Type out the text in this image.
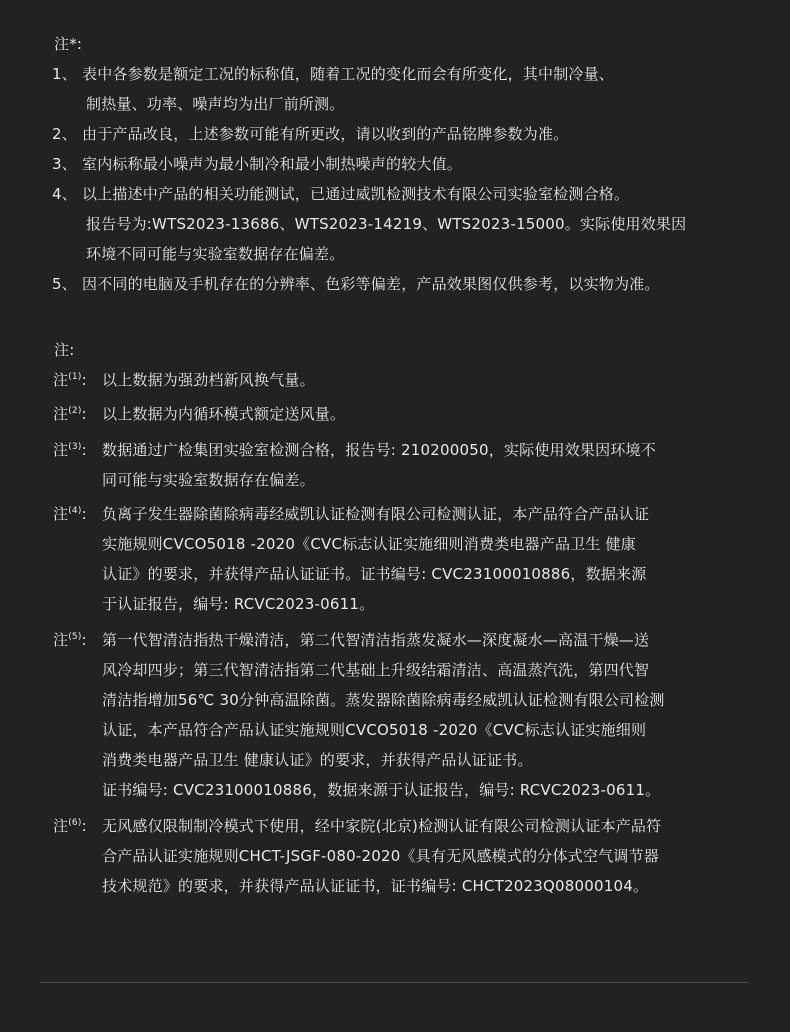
注*:
1、 表中各参数是额定工况的标称值，随着工况的变化而会有所变化，其中制冷量、
制热量、功率、噪声均为出厂前所测。
2、 由于产品改良，上述参数可能有所更改，请以收到的产品铭牌参数为准。
3、 室内标称最小噪声为最小制冷和最小制热噪声的较大值。
4、 以上描述中产品的相关功能测试，已通过威凯检测技术有限公司实验室检测合格。
报告号为:WTS2023-13686、WTS2023-14219、WTS2023-15000。实际使用效果因
环境不同可能与实验室数据存在偏差。
5、 因不同的电脑及手机存在的分辨率、色彩等偏差，产品效果图仅供参考，以实物为准。
注:
注$^{(1)}$: 以上数据为强劲档新风换气量。
注$^{(2)}$: 以上数据为内循环模式额定送风量。
注$^{(3)}$: 数据通过广检集团实验室检测合格，报告号: 210200050，实际使用效果因环境不
同可能与实验室数据存在偏差。
注$^{(4)}$: 负离子发生器除菌除病毒经威凯认证检测有限公司检测认证，本产品符合产品认证
实施规则CVCO5018 -2020《CVC标志认证实施细则消费类电器产品卫生 健康
认证》的要求，并获得产品认证证书。证书编号: CVC23100010886，数据来源
于认证报告，编号: RCVC2023-0611。
注$^{(5)}$: 第一代智清洁指热干燥清洁，第二代智清洁指蒸发凝水—深度凝水—高温干燥—送
风冷却四步；第三代智清洁指第二代基础上升级结霜清洁、高温蒸汽洗，第四代智
清洁指增加56℃ 30分钟高温除菌。蒸发器除菌除病毒经威凯认证检测有限公司检测
认证，本产品符合产品认证实施规则CVCO5018 -2020《CVC标志认证实施细则
消费类电器产品卫生 健康认证》的要求，并获得产品认证证书。
证书编号: CVC23100010886，数据来源于认证报告，编号: RCVC2023-0611。
注$^{(6)}$: 无风感仅限制制冷模式下使用，经中家院(北京)检测认证有限公司检测认证本产品符
合产品认证实施规则CHCT-JSGF-080-2020《具有无风感模式的分体式空气调节器
技术规范》的要求，并获得产品认证证书，证书编号: CHCT2023Q08000104。
